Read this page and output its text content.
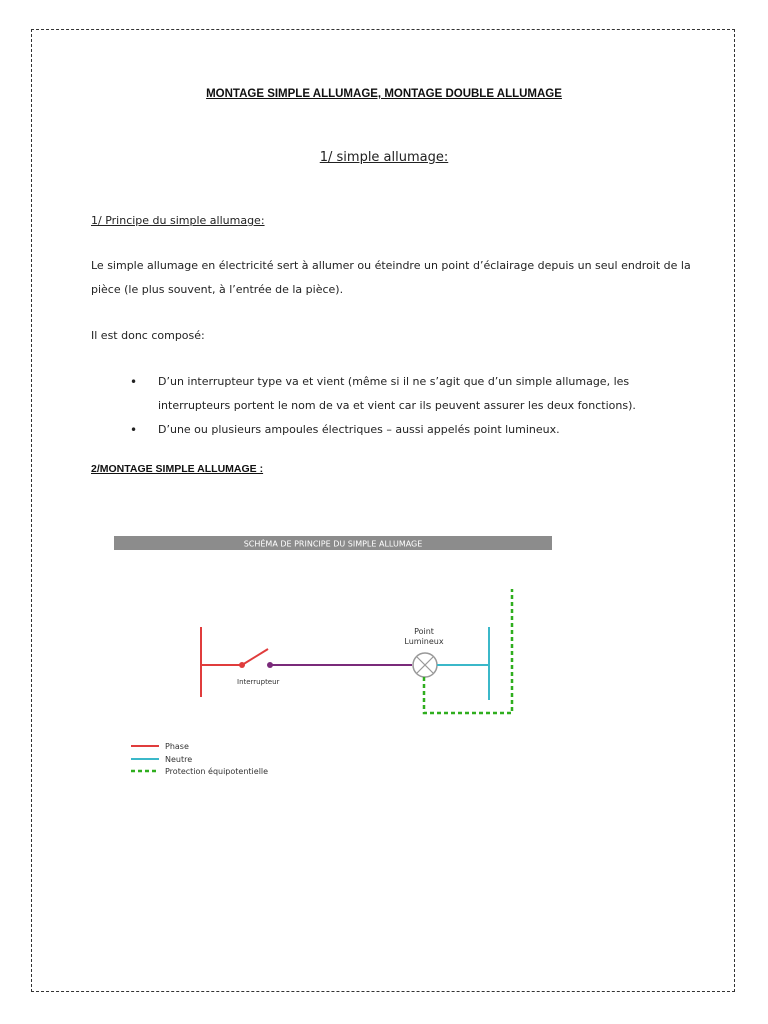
MONTAGE SIMPLE ALLUMAGE, MONTAGE DOUBLE ALLUMAGE
1/ simple allumage:
1/ Principe du simple allumage:
Le simple allumage en électricité sert à allumer ou éteindre un point d’éclairage depuis un seul endroit de la pièce (le plus souvent, à l’entrée de la pièce).
Il est donc composé:
• D’un interrupteur type va et vient (même si il ne s’agit que d’un simple allumage, les interrupteurs portent le nom de va et vient car ils peuvent assurer les deux fonctions).
• D’une ou plusieurs ampoules électriques – aussi appelés point lumineux.
2/MONTAGE SIMPLE ALLUMAGE :
SCHÉMA DE PRINCIPE DU SIMPLE ALLUMAGE
Interrupteur
Point
Lumineux
Phase
Neutre
Protection équipotentielle
